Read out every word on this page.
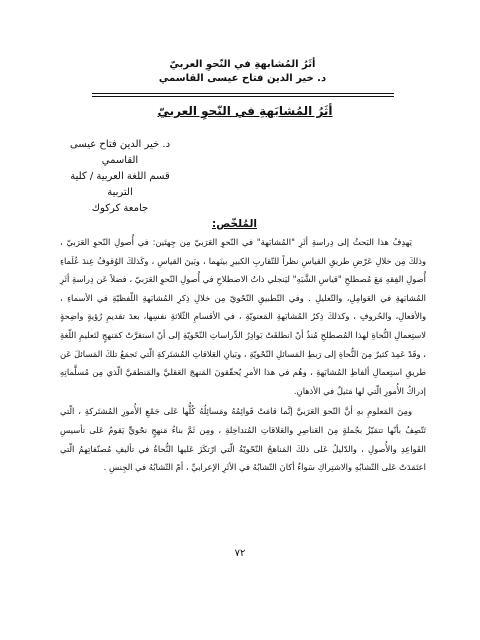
أثَرُ المُشابهةِ في النّحوِ العربيّ
د. خير الدين فتاح عيسى القاسمي
أثَرُ المُشابَهةِ في النّحوِ العربيّ
د. خير الدين فتاح عيسى
القاسمي
قسم اللغة العربية / كلية
التربية
جامعة كركوك
المُلخّص:

يَهدِفُ هذا البَحثُ إلى دِراسةِ أثَرِ "المُشابَهة" في النّحوِ العَرَبيّ مِن جِهتَين: في أُصولِ النّحوِ العَرَبيّ ، وذلكَ مِن خلالِ عَرْضِ طريقِ القياسِ نظراً للتّقاربِ الكبيرِ بينَهما ، وبَينَ القياسِ ، وكَذلكَ الوُقوفُ عِندَ عُلَماءِ أُصولِ الفِقهِ مَعَ مُصطلحِ "قياسِ الشَّبَهِ" ليَنجلي ذاتُ الاصطلاحِ في أُصولِ النّحوِ العَرَبيّ ، فضلاً عَن دِراسةِ أثَرِ المُشابَهةِ في العَوامِلِ، والتّعليلِ . وفي التّطبيقِ النّحْويّ مِن خلالِ ذِكرِ المُشابَهةِ اللّفظيّةِ في الأسماءِ ، والأفعالِ، والحُروفِ ، وكذلكَ ذِكرُ المُشابَهةِ المَعنويّةِ ، في الأقسامِ الثّلاثةِ نفسِها، بعدَ تقديمِ رُؤيةٍ واضِحةٍ لاستِعمالِ النُّحاةِ لهذا المُصطلحِ مُنذُ أنْ انطلقَتْ بَوادِرُ الدِّراساتِ النّحْويّةِ إلى أنْ استقرَّتْ كمَنهجٍ لتَعليمِ اللّغةِ ، وقَدْ عَمِدَ كثيرٌ مِنَ النُّحاةِ إلى رَبطِ المَسائلِ النّحْويّةِ ، وبَيانِ العَلاقاتِ المُشتَركةِ الّتي تَجمَعُ تلكَ المَسائلَ عَن طريقِ استِعمالِ ألفاظِ المُشابَهةِ ، وهُم في هذا الأمرِ يُحقّقونَ المَنهجَ العَقليَّ والمَنطقيَّ الّذي مِن مُسلَّماتِهِ إدراكُ الأُمورِ الّتي لها مَثيلٌ في الأذهانِ.

ومِنَ المَعلومِ بهِ أنَّ النّحوَ العَرَبيَّ إنَّما قامَتْ قَوائِمُهُ ومَسائِلُهُ كُلُّها عَلى جَمْعِ الأُمورِ المُشتَركةِ ، الّتي تَتّصِفُ بأنّها تتمَيّزُ بجُملةٍ مِنَ العَناصِرِ والعَلاقاتِ المُتداخِلةِ ، ومِن ثَمَّ بناءُ مَنهجٍ نحْويٍّ يَقومُ عَلى تأسيسِ القَواعِدِ والأُصولِ ، والدّليلُ عَلى ذلكَ المَناهجُ النّحْويّةُ الّتي ارْتكَزَ عَليها النُّحاةُ في تأليفِ مُصنّفاتِهمُ الّتي اعتَمَدَتْ عَلى التّشابُهِ والاشتِراكِ سَواءٌ أكانَ التّشابُهُ في الأثَرِ الإعرابيِّ ، أمْ التّشابُهُ في الجِنسِ .

٧٢
